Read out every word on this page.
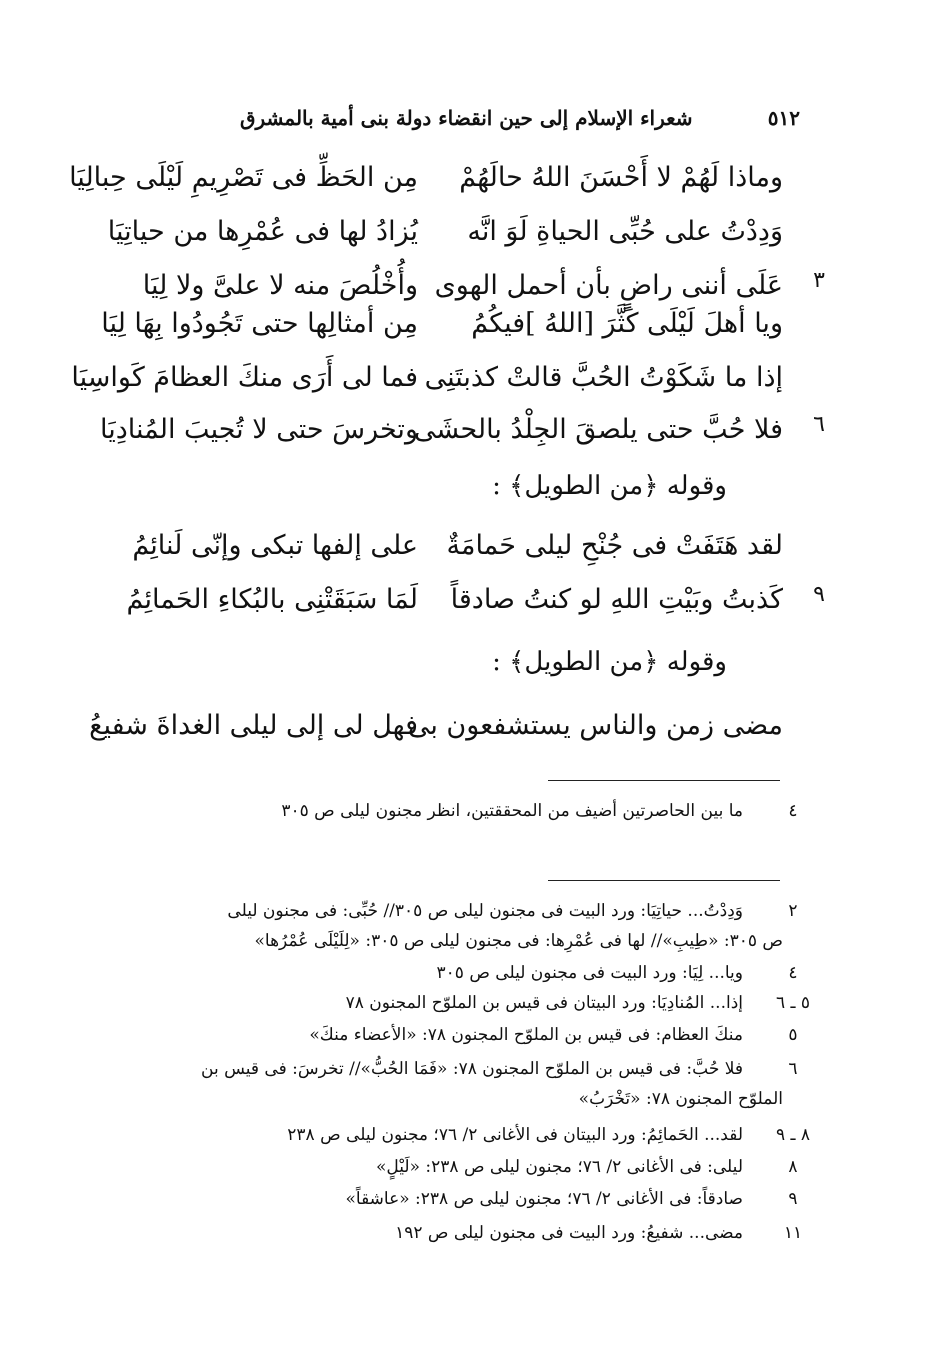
٥١٢
شعراء الإسلام إلى حين انقضاء دولة بنى أمية بالمشرق
وماذا لَهُمْ لا أَحْسَنَ اللهُ حالَهُمْ
مِن الحَظِّ فى تَصْرِيمِ لَيْلَى حِبالِيَا
وَدِدْتُ على حُبِّى الحياةِ لَوَ انَّه
يُزادُ لها فى عُمْرِها من حياتِيَا
٣
عَلَى أننى راضٍ بأن أحمل الهوى
وأُخْلُصَ منه لا علىَّ ولا لِيَا
ويا أهلَ لَيْلَى كَثَّرَ [اللهُ ]فيكُمُ
مِن أمثالِها حتى تَجُودُوا بِهَا لِيَا
إذا ما شَكَوْتُ الحُبَّ قالتْ كذبتَنِى
فما لى أَرَى منكَ العظامَ كَواسِيَا
٦
فلا حُبَّ حتى يلصقَ الجِلْدُ بالحشَى
وتخرسَ حتى لا تُجيبَ المُنادِيَا
وقوله ﴿من الطويل﴾ :
لقد هَتَفَتْ فى جُنْحِ ليلى حَمامَةٌ
على إلفها تبكى وإنّى لَنائِمُ
٩
كَذبتُ وبَيْتِ اللهِ لو كنتُ صادقاً
لَمَا سَبَقَتْنِى بالبُكاءِ الحَمائِمُ
وقوله ﴿من الطويل﴾ :
مضى زمن والناس يستشفعون بى
فهل لى إلى ليلى الغداةَ شفيعُ
٤
ما بين الحاصرتين أضيف من المحققتين، انظر مجنون ليلى ص ٣٠٥
٢
وَدِدْتُ... حياتِيَا: ورد البيت فى مجنون ليلى ص ٣٠٥// حُبِّى: فى مجنون ليلى
ص ٣٠٥: «طِيبِ»// لها فى عُمْرِها: فى مجنون ليلى ص ٣٠٥: «لِلَيْلَى عُمْرُها»
٤
ويا... لِيَا: ورد البيت فى مجنون ليلى ص ٣٠٥
٥ ـ ٦
إذا... المُنادِيَا: ورد البيتان فى قيس بن الملوّح المجنون ٧٨
٥
منكَ العظام: فى قيس بن الملوّح المجنون ٧٨: «الأعضاء منكَ»
٦
فلا حُبَّ: فى قيس بن الملوّح المجنون ٧٨: «فَمَا الحُبُّ»// تخرسَ: فى قيس بن
الملوّح المجنون ٧٨: «تَخْرَبُ»
٨ ـ ٩
لقد... الحَمائِمُ: ورد البيتان فى الأغانى ٢/ ٧٦؛ مجنون ليلى ص ٢٣٨
٨
ليلى: فى الأغانى ٢/ ٧٦؛ مجنون ليلى ص ٢٣٨: «لَيْلٍ»
٩
صادقاً: فى الأغانى ٢/ ٧٦؛ مجنون ليلى ص ٢٣٨: «عاشقاً»
١١
مضى... شفيعُ: ورد البيت فى مجنون ليلى ص ١٩٢
